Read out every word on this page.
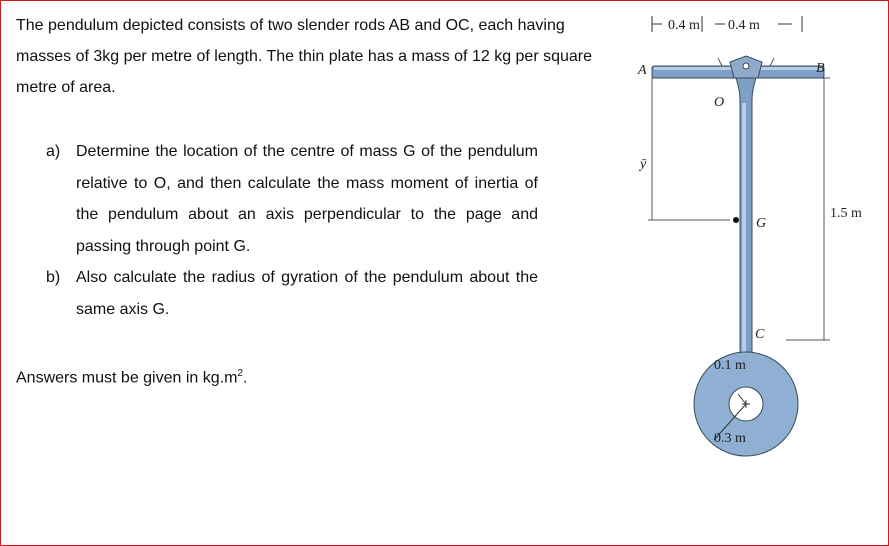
The pendulum depicted consists of two slender rods AB and OC, each having masses of 3kg per metre of length. The thin plate has a mass of 12 kg per square metre of area.
a) Determine the location of the centre of mass G of the pendulum relative to O, and then calculate the mass moment of inertia of the pendulum about an axis perpendicular to the page and passing through point G.
b) Also calculate the radius of gyration of the pendulum about the same axis G.
Answers must be given in $kg.m^2$.
0.4 m 0.4 m
A	B
O
ȳ
G
1.5 m
C
0.1 m
0.3 m
